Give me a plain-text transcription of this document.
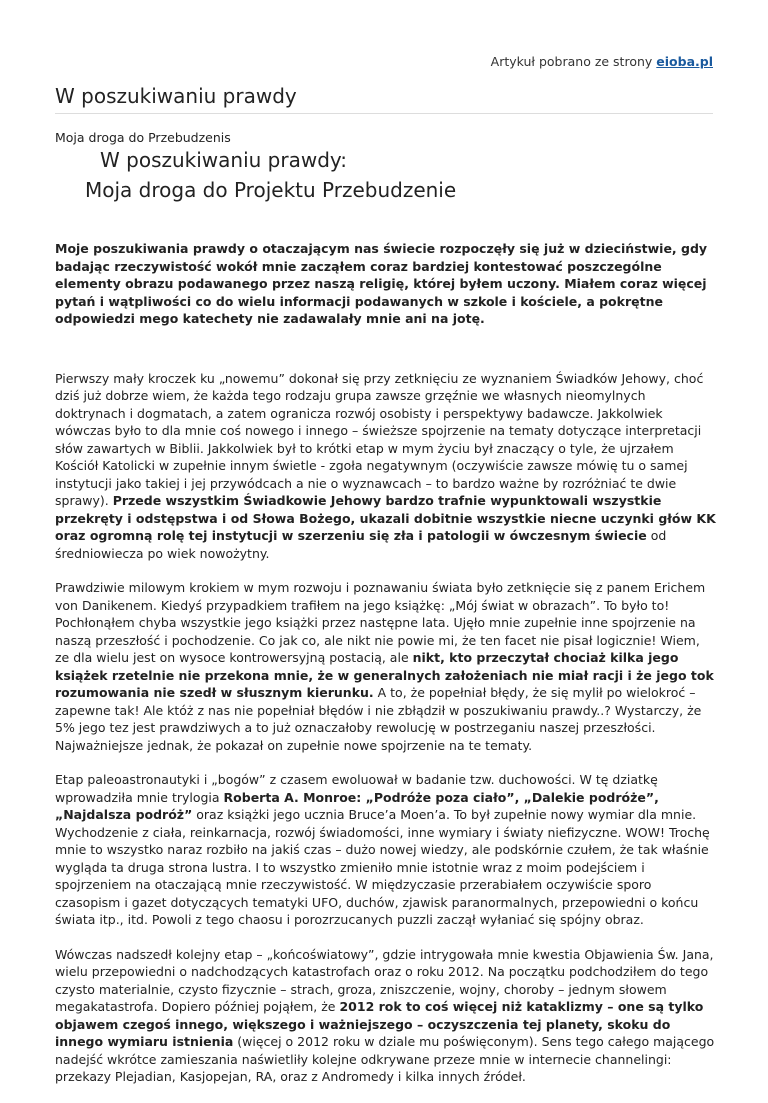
Artykuł pobrano ze strony eioba.pl
W poszukiwaniu prawdy
Moja droga do Przebudzenis
W poszukiwaniu prawdy:
Moja droga do Projektu Przebudzenie

Moje poszukiwania prawdy o otaczającym nas świecie rozpoczęły się już w dzieciństwie, gdy badając rzeczywistość wokół mnie zacząłem coraz bardziej kontestować poszczególne elementy obrazu podawanego przez naszą religię, której byłem uczony. Miałem coraz więcej pytań i wątpliwości co do wielu informacji podawanych w szkole i kościele, a pokrętne odpowiedzi mego katechety nie zadawalały mnie ani na jotę.

Pierwszy mały kroczek ku „nowemu” dokonał się przy zetknięciu ze wyznaniem Świadków Jehowy, choć dziś już dobrze wiem, że każda tego rodzaju grupa zawsze grzęźnie we własnych nieomylnych doktrynach i dogmatach, a zatem ogranicza rozwój osobisty i perspektywy badawcze. Jakkolwiek wówczas było to dla mnie coś nowego i innego – świeższe spojrzenie na tematy dotyczące interpretacji słów zawartych w Biblii. Jakkolwiek był to krótki etap w mym życiu był znaczący o tyle, że ujrzałem Kościół Katolicki w zupełnie innym świetle - zgoła negatywnym (oczywiście zawsze mówię tu o samej instytucji jako takiej i jej przywódcach a nie o wyznawcach – to bardzo ważne by rozróżniać te dwie sprawy). Przede wszystkim Świadkowie Jehowy bardzo trafnie wypunktowali wszystkie przekręty i odstępstwa i od Słowa Bożego, ukazali dobitnie wszystkie niecne uczynki głów KK oraz ogromną rolę tej instytucji w szerzeniu się zła i patologii w ówczesnym świecie od średniowiecza po wiek nowożytny.

Prawdziwie milowym krokiem w mym rozwoju i poznawaniu świata było zetknięcie się z panem Erichem von Danikenem. Kiedyś przypadkiem trafiłem na jego książkę: „Mój świat w obrazach”. To było to! Pochłonąłem chyba wszystkie jego książki przez następne lata. Ujęło mnie zupełnie inne spojrzenie na naszą przeszłość i pochodzenie. Co jak co, ale nikt nie powie mi, że ten facet nie pisał logicznie! Wiem, ze dla wielu jest on wysoce kontrowersyjną postacią, ale nikt, kto przeczytał chociaż kilka jego książek rzetelnie nie przekona mnie, że w generalnych założeniach nie miał racji i że jego tok rozumowania nie szedł w słusznym kierunku. A to, że popełniał błędy, że się mylił po wielokroć – zapewne tak! Ale któż z nas nie popełniał błędów i nie zbłądził w poszukiwaniu prawdy..? Wystarczy, że 5% jego tez jest prawdziwych a to już oznaczałoby rewolucję w postrzeganiu naszej przeszłości. Najważniejsze jednak, że pokazał on zupełnie nowe spojrzenie na te tematy.

Etap paleoastronautyki i „bogów” z czasem ewoluował w badanie tzw. duchowości. W tę dziatkę wprowadziła mnie trylogia Roberta A. Monroe: „Podróże poza ciało”, „Dalekie podróże”, „Najdalsza podróż” oraz książki jego ucznia Bruce’a Moen’a. To był zupełnie nowy wymiar dla mnie. Wychodzenie z ciała, reinkarnacja, rozwój świadomości, inne wymiary i światy niefizyczne. WOW! Trochę mnie to wszystko naraz rozbiło na jakiś czas – dużo nowej wiedzy, ale podskórnie czułem, że tak właśnie wygląda ta druga strona lustra. I to wszystko zmieniło mnie istotnie wraz z moim podejściem i spojrzeniem na otaczającą mnie rzeczywistość. W międzyczasie przerabiałem oczywiście sporo czasopism i gazet dotyczących tematyki UFO, duchów, zjawisk paranormalnych, przepowiedni o końcu świata itp., itd. Powoli z tego chaosu i porozrzucanych puzzli zaczął wyłaniać się spójny obraz.

Wówczas nadszedł kolejny etap – „końcoświatowy”, gdzie intrygowała mnie kwestia Objawienia Św. Jana, wielu przepowiedni o nadchodzących katastrofach oraz o roku 2012. Na początku podchodziłem do tego czysto materialnie, czysto fizycznie – strach, groza, zniszczenie, wojny, choroby – jednym słowem megakatastrofa. Dopiero później pojąłem, że 2012 rok to coś więcej niż kataklizmy – one są tylko objawem czegoś innego, większego i ważniejszego – oczyszczenia tej planety, skoku do innego wymiaru istnienia (więcej o 2012 roku w dziale mu poświęconym). Sens tego całego mającego nadejść wkrótce zamieszania naświetliły kolejne odkrywane przeze mnie w internecie channelingi: przekazy Plejadian, Kasjopejan, RA, oraz z Andromedy i kilka innych źródeł.
